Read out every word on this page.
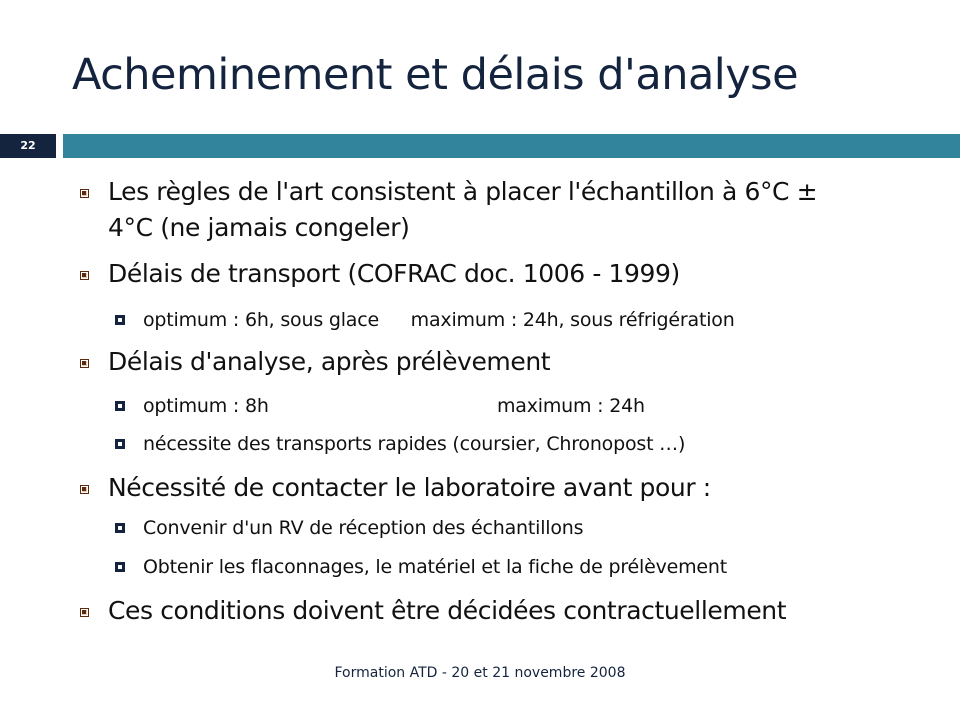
Acheminement et délais d'analyse
22
Les règles de l'art consistent à placer l'échantillon à 6°C ±
4°C (ne jamais congeler)
Délais de transport (COFRAC doc. 1006 - 1999)
optimum : 6h, sous glace maximum : 24h, sous réfrigération
Délais d'analyse, après prélèvement
optimum : 8h	maximum : 24h
nécessite des transports rapides (coursier, Chronopost …)
Nécessité de contacter le laboratoire avant pour :
Convenir d'un RV de réception des échantillons
Obtenir les flaconnages, le matériel et la fiche de prélèvement
Ces conditions doivent être décidées contractuellement
Formation ATD - 20 et 21 novembre 2008
